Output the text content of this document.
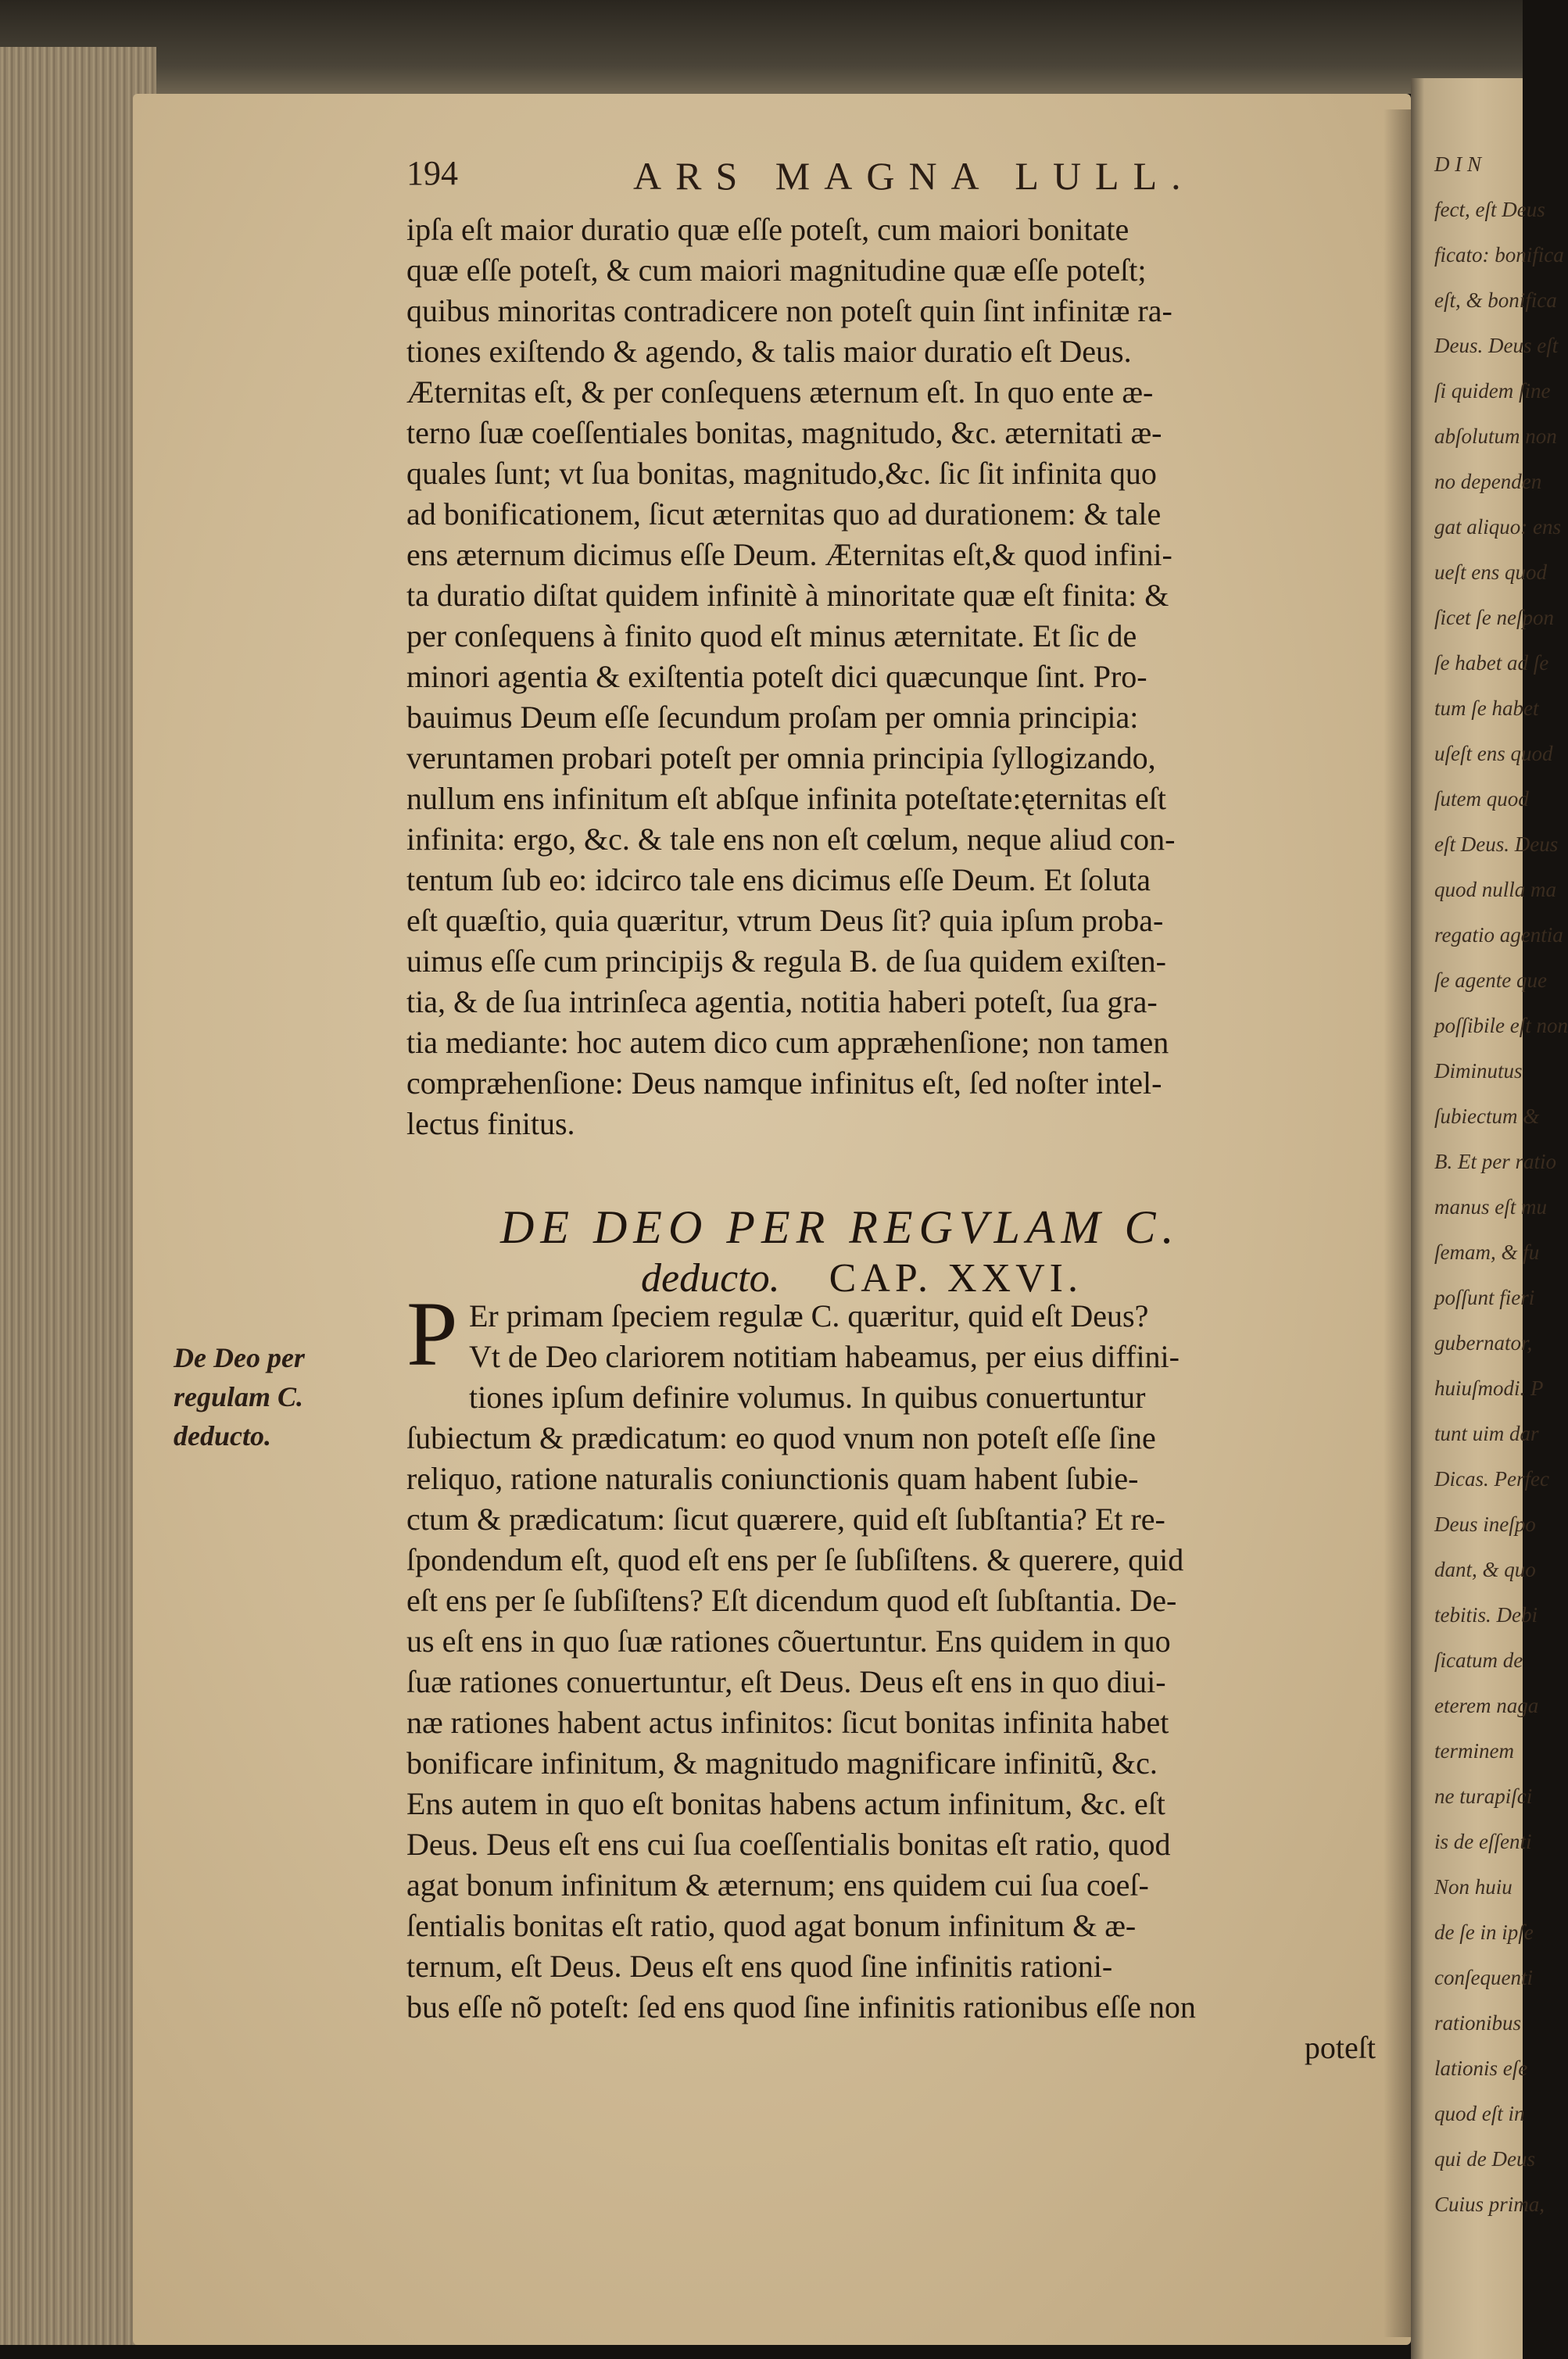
D I N
fect, eſt Deus
ficato: bonifica
eſt, & bonifica
Deus. Deus eſt
ſi quidem ſine
abſolutum non
no dependen
gat aliquo: ens
ueſt ens quod
ſicet ſe neſpon
ſe habet ad ſe
tum ſe habet
uſeſt ens quod
ſutem quod
eſt Deus. Deus
quod nulla ma
regatio agentia
ſe agente que
poſſibile eſt non
Diminutus
ſubiectum &
B. Et per ratio
manus eſt mu
ſemam, & fu
poſſunt fieri
gubernator,
huiuſmodi. P
tunt uim dar
Dicas. Perfec
Deus ineſpo
dant, & quo
tebitis. Debi
ſicatum de
eterem naga
terminem
ne turapiſci
is de eſſenti
Non huiu
de ſe in ipſe
conſequenti
rationibus
lationis eſe
quod eſt in
qui de Deus
Cuius prima,
194	ARS MAGNA LULL.
DE DEO PER REGVLAM C.
deducto. CAP. XXVI.
ipſa eſt maior duratio quæ eſſe poteſt, cum maiori bonitate
quæ eſſe poteſt, & cum maiori magnitudine quæ eſſe poteſt;
quibus minoritas contradicere non poteſt quin ſint infinitæ ra-
tiones exiſtendo & agendo, & talis maior duratio eſt Deus.
Æternitas eſt, & per conſequens æternum eſt. In quo ente æ-
terno ſuæ coeſſentiales bonitas, magnitudo, &c. æternitati æ-
quales ſunt; vt ſua bonitas, magnitudo,&c. ſic ſit infinita quo
ad bonificationem, ſicut æternitas quo ad durationem: & tale
ens æternum dicimus eſſe Deum. Æternitas eſt,& quod infini-
ta duratio diſtat quidem infinitè à minoritate quæ eſt finita: &
per conſequens à finito quod eſt minus æternitate. Et ſic de
minori agentia & exiſtentia poteſt dici quæcunque ſint. Pro-
bauimus Deum eſſe ſecundum proſam per omnia principia:
veruntamen probari poteſt per omnia principia ſyllogizando,
nullum ens infinitum eſt abſque infinita poteſtate:ęternitas eſt
infinita: ergo, &c. & tale ens non eſt cœlum, neque aliud con-
tentum ſub eo: idcirco tale ens dicimus eſſe Deum. Et ſoluta
eſt quæſtio, quia quæritur, vtrum Deus ſit? quia ipſum proba-
uimus eſſe cum principijs & regula B. de ſua quidem exiſten-
tia, & de ſua intrinſeca agentia, notitia haberi poteſt, ſua gra-
tia mediante: hoc autem dico cum appræhenſione; non tamen
compræhenſione: Deus namque infinitus eſt, ſed noſter intel-
lectus finitus.
Er primam ſpeciem regulæ C. quæritur, quid eſt Deus?
Vt de Deo clariorem notitiam habeamus, per eius diffini-
tiones ipſum definire volumus. In quibus conuertuntur
ſubiectum & prædicatum: eo quod vnum non poteſt eſſe ſine
reliquo, ratione naturalis coniunctionis quam habent ſubie-
ctum & prædicatum: ſicut quærere, quid eſt ſubſtantia? Et re-
ſpondendum eſt, quod eſt ens per ſe ſubſiſtens. & querere, quid
eſt ens per ſe ſubſiſtens? Eſt dicendum quod eſt ſubſtantia. De-
us eſt ens in quo ſuæ rationes cõuertuntur. Ens quidem in quo
ſuæ rationes conuertuntur, eſt Deus. Deus eſt ens in quo diui-
næ rationes habent actus infinitos: ſicut bonitas infinita habet
bonificare infinitum, & magnitudo magnificare infinitũ, &c.
Ens autem in quo eſt bonitas habens actum infinitum, &c. eſt
Deus. Deus eſt ens cui ſua coeſſentialis bonitas eſt ratio, quod
agat bonum infinitum & æternum; ens quidem cui ſua coeſ-
ſentialis bonitas eſt ratio, quod agat bonum infinitum & æ-
ternum, eſt Deus. Deus eſt ens quod ſine infinitis rationi-
bus eſſe nõ poteſt: ſed ens quod ſine infinitis rationibus eſſe non
poteſt
P
De Deo per
regulam C.
deducto.
